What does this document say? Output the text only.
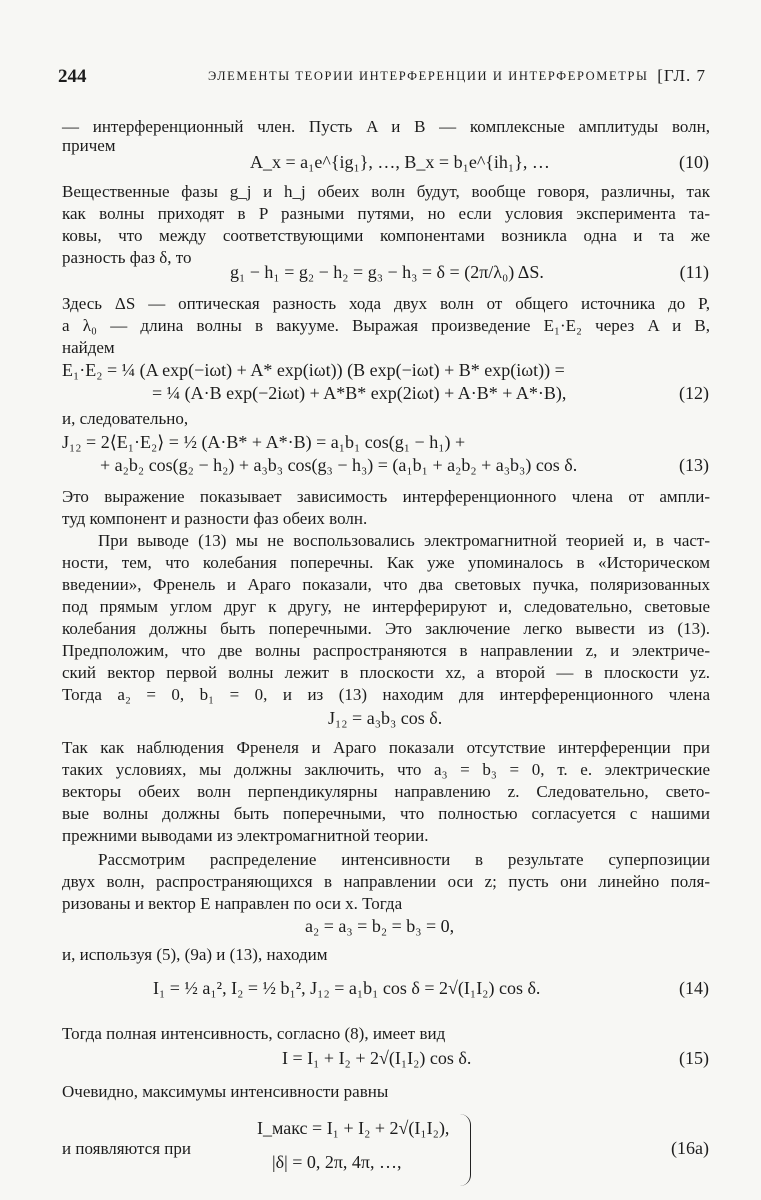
244	ЭЛЕМЕНТЫ ТЕОРИИ ИНТЕРФЕРЕНЦИИ И ИНТЕРФЕРОМЕТРЫ [ГЛ. 7
— интерференционный член. Пусть A и B — комплексные амплитуды волн,
причем
A_x = a₁e^{ig₁}, …, B_x = b₁e^{ih₁}, …	(10)
Вещественные фазы g_j и h_j обеих волн будут, вообще говоря, различны, так
как волны приходят в P разными путями, но если условия эксперимента та-
ковы, что между соответствующими компонентами возникла одна и та же
разность фаз δ, то
g₁ − h₁ = g₂ − h₂ = g₃ − h₃ = δ = (2π/λ₀) ΔS.	(11)
Здесь ΔS — оптическая разность хода двух волн от общего источника до P,
а λ₀ — длина волны в вакууме. Выражая произведение E₁·E₂ через A и B,
найдем
E₁·E₂ = ¼ (A exp(−iωt) + A* exp(iωt)) (B exp(−iωt) + B* exp(iωt)) =
= ¼ (A·B exp(−2iωt) + A*B* exp(2iωt) + A·B* + A*·B),	(12)
и, следовательно,
J₁₂ = 2⟨E₁·E₂⟩ = ½ (A·B* + A*·B) = a₁b₁ cos(g₁ − h₁) +
+ a₂b₂ cos(g₂ − h₂) + a₃b₃ cos(g₃ − h₃) = (a₁b₁ + a₂b₂ + a₃b₃) cos δ.	(13)
Это выражение показывает зависимость интерференционного члена от ампли-
туд компонент и разности фаз обеих волн.
При выводе (13) мы не воспользовались электромагнитной теорией и, в част-
ности, тем, что колебания поперечны. Как уже упоминалось в «Историческом
введении», Френель и Араго показали, что два световых пучка, поляризованных
под прямым углом друг к другу, не интерферируют и, следовательно, световые
колебания должны быть поперечными. Это заключение легко вывести из (13).
Предположим, что две волны распространяются в направлении z, и электриче-
ский вектор первой волны лежит в плоскости xz, а второй — в плоскости yz.
Тогда a₂ = 0, b₁ = 0, и из (13) находим для интерференционного члена
J₁₂ = a₃b₃ cos δ.
Так как наблюдения Френеля и Араго показали отсутствие интерференции при
таких условиях, мы должны заключить, что a₃ = b₃ = 0, т. е. электрические
векторы обеих волн перпендикулярны направлению z. Следовательно, свето-
вые волны должны быть поперечными, что полностью согласуется с нашими
прежними выводами из электромагнитной теории.
Рассмотрим распределение интенсивности в результате суперпозиции
двух волн, распространяющихся в направлении оси z; пусть они линейно поля-
ризованы и вектор E направлен по оси x. Тогда
a₂ = a₃ = b₂ = b₃ = 0,
и, используя (5), (9а) и (13), находим
I₁ = ½ a₁², I₂ = ½ b₁², J₁₂ = a₁b₁ cos δ = 2√(I₁I₂) cos δ.	(14)
Тогда полная интенсивность, согласно (8), имеет вид
I = I₁ + I₂ + 2√(I₁I₂) cos δ.	(15)
Очевидно, максимумы интенсивности равны
и появляются при
I_макс = I₁ + I₂ + 2√(I₁I₂),
|δ| = 0, 2π, 4π, …,
(16а)
